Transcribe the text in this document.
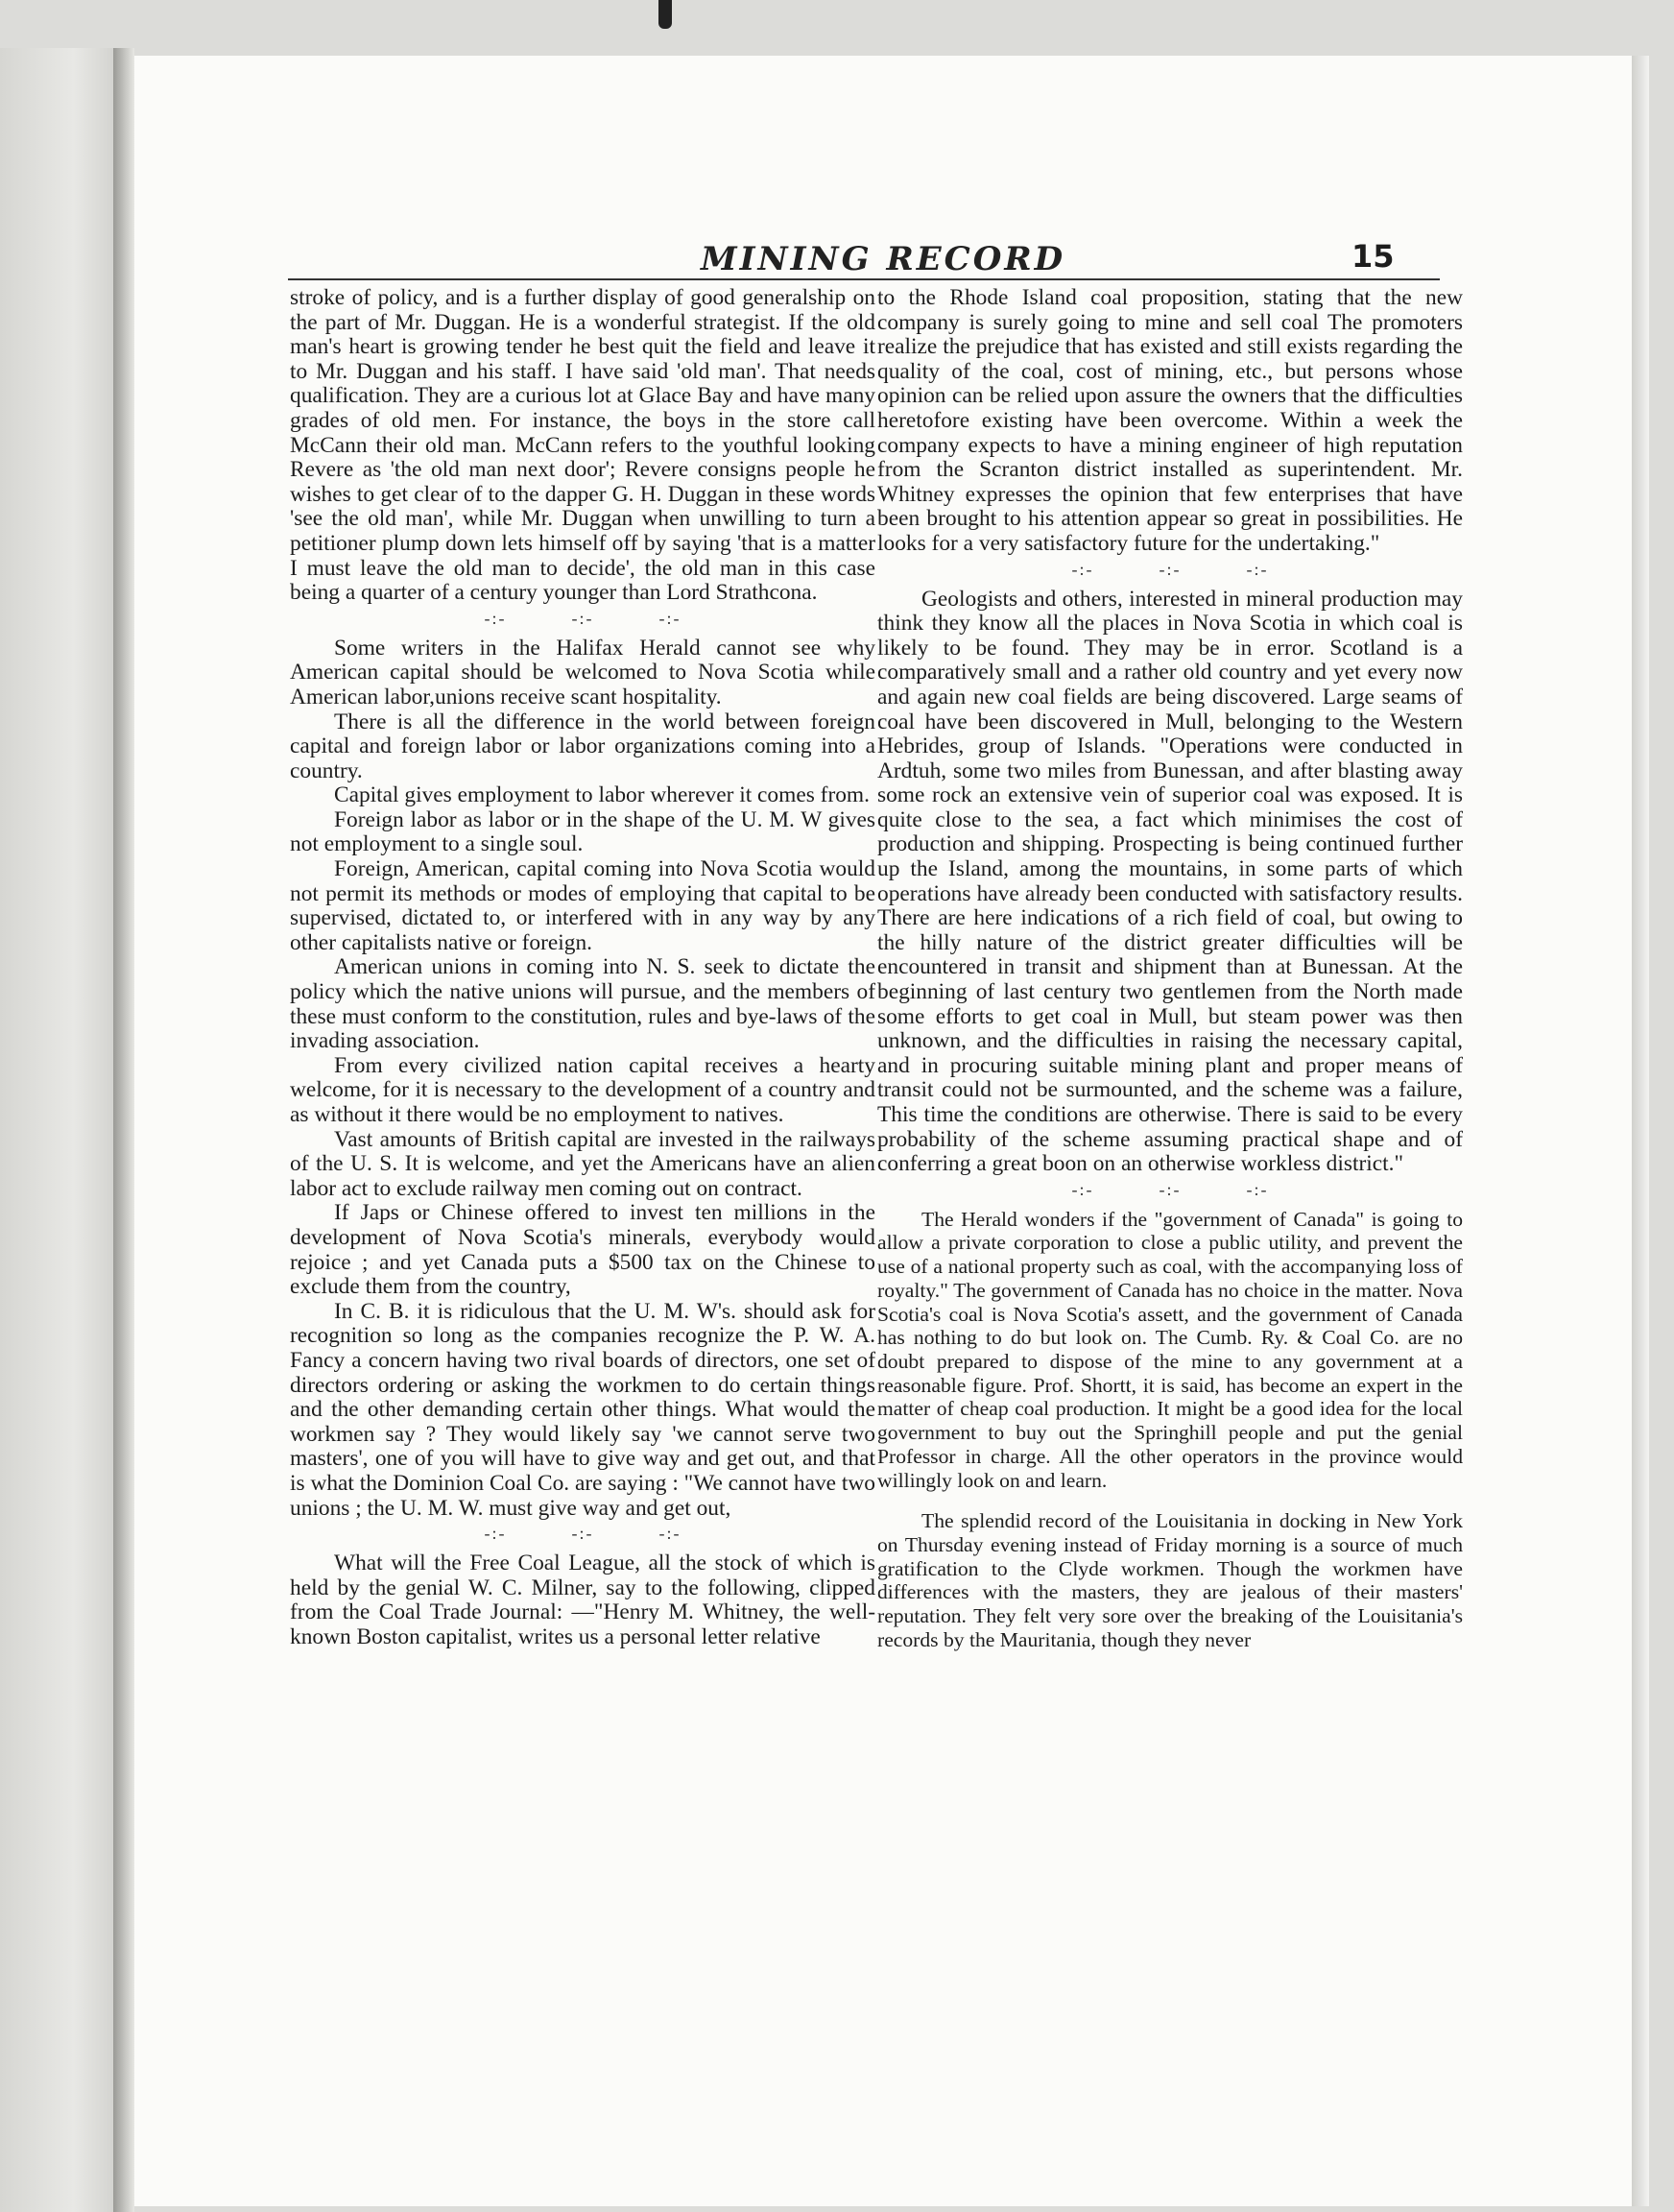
MINING RECORD	15

stroke of policy, and is a further display of good generalship on the part of Mr. Duggan. He is a wonderful strategist. If the old man's heart is growing tender he best quit the field and leave it to Mr. Duggan and his staff. I have said 'old man'. That needs qualification. They are a curious lot at Glace Bay and have many grades of old men. For instance, the boys in the store call McCann their old man. McCann refers to the youthful looking Revere as 'the old man next door'; Revere consigns people he wishes to get clear of to the dapper G. H. Duggan in these words 'see the old man', while Mr. Duggan when unwilling to turn a petitioner plump down lets himself off by saying 'that is a matter I must leave the old man to decide', the old man in this case being a quarter of a century younger than Lord Strathcona.

-:-	-:-	-:-

Some writers in the Halifax Herald cannot see why American capital should be welcomed to Nova Scotia while American labor,unions receive scant hospitality.

There is all the difference in the world between foreign capital and foreign labor or labor organizations coming into a country.

Capital gives employment to labor wherever it comes from.

Foreign labor as labor or in the shape of the U. M. W gives not employment to a single soul.

Foreign, American, capital coming into Nova Scotia would not permit its methods or modes of employing that capital to be supervised, dictated to, or interfered with in any way by any other capitalists native or foreign.

American unions in coming into N. S. seek to dictate the policy which the native unions will pursue, and the members of these must conform to the constitution, rules and bye-laws of the invading association.

From every civilized nation capital receives a hearty welcome, for it is necessary to the development of a country and as without it there would be no employment to natives.

Vast amounts of British capital are invested in the railways of the U. S. It is welcome, and yet the Americans have an alien labor act to exclude railway men coming out on contract.

If Japs or Chinese offered to invest ten millions in the development of Nova Scotia's minerals, everybody would rejoice ; and yet Canada puts a $500 tax on the Chinese to exclude them from the country,

In C. B. it is ridiculous that the U. M. W's. should ask for recognition so long as the companies recognize the P. W. A. Fancy a concern having two rival boards of directors, one set of directors ordering or asking the workmen to do certain things and the other demanding certain other things. What would the workmen say ? They would likely say 'we cannot serve two masters', one of you will have to give way and get out, and that is what the Dominion Coal Co. are saying : "We cannot have two unions ; the U. M. W. must give way and get out,

-:-	-:-	-:-

What will the Free Coal League, all the stock of which is held by the genial W. C. Milner, say to the following, clipped from the Coal Trade Journal: —"Henry M. Whitney, the well-known Boston capitalist, writes us a personal letter relative

to the Rhode Island coal proposition, stating that the new company is surely going to mine and sell coal The promoters realize the prejudice that has existed and still exists regarding the quality of the coal, cost of mining, etc., but persons whose opinion can be relied upon assure the owners that the difficulties heretofore existing have been overcome. Within a week the company expects to have a mining engineer of high reputation from the Scranton district installed as superintendent. Mr. Whitney expresses the opinion that few enterprises that have been brought to his attention appear so great in possibilities. He looks for a very satisfactory future for the undertaking."

-:-	-:-	-:-

Geologists and others, interested in mineral production may think they know all the places in Nova Scotia in which coal is likely to be found. They may be in error. Scotland is a comparatively small and a rather old country and yet every now and again new coal fields are being discovered. Large seams of coal have been discovered in Mull, belonging to the Western Hebrides, group of Islands. "Operations were conducted in Ardtuh, some two miles from Bunessan, and after blasting away some rock an extensive vein of superior coal was exposed. It is quite close to the sea, a fact which minimises the cost of production and shipping. Prospecting is being continued further up the Island, among the mountains, in some parts of which operations have already been conducted with satisfactory results. There are here indications of a rich field of coal, but owing to the hilly nature of the district greater difficulties will be encountered in transit and shipment than at Bunessan. At the beginning of last century two gentlemen from the North made some efforts to get coal in Mull, but steam power was then unknown, and the difficulties in raising the necessary capital, and in procuring suitable mining plant and proper means of transit could not be surmounted, and the scheme was a failure, This time the conditions are otherwise. There is said to be every probability of the scheme assuming practical shape and of conferring a great boon on an otherwise workless district."

-:-	-:-	-:-

The Herald wonders if the "government of Canada" is going to allow a private corporation to close a public utility, and prevent the use of a national property such as coal, with the accompanying loss of royalty." The government of Canada has no choice in the matter. Nova Scotia's coal is Nova Scotia's assett, and the government of Canada has nothing to do but look on. The Cumb. Ry. & Coal Co. are no doubt prepared to dispose of the mine to any government at a reasonable figure. Prof. Shortt, it is said, has become an expert in the matter of cheap coal production. It might be a good idea for the local government to buy out the Springhill people and put the genial Professor in charge. All the other operators in the province would willingly look on and learn.

The splendid record of the Louisitania in docking in New York on Thursday evening instead of Friday morning is a source of much gratification to the Clyde workmen. Though the workmen have differences with the masters, they are jealous of their masters' reputation. They felt very sore over the breaking of the Louisitania's records by the Mauritania, though they never
